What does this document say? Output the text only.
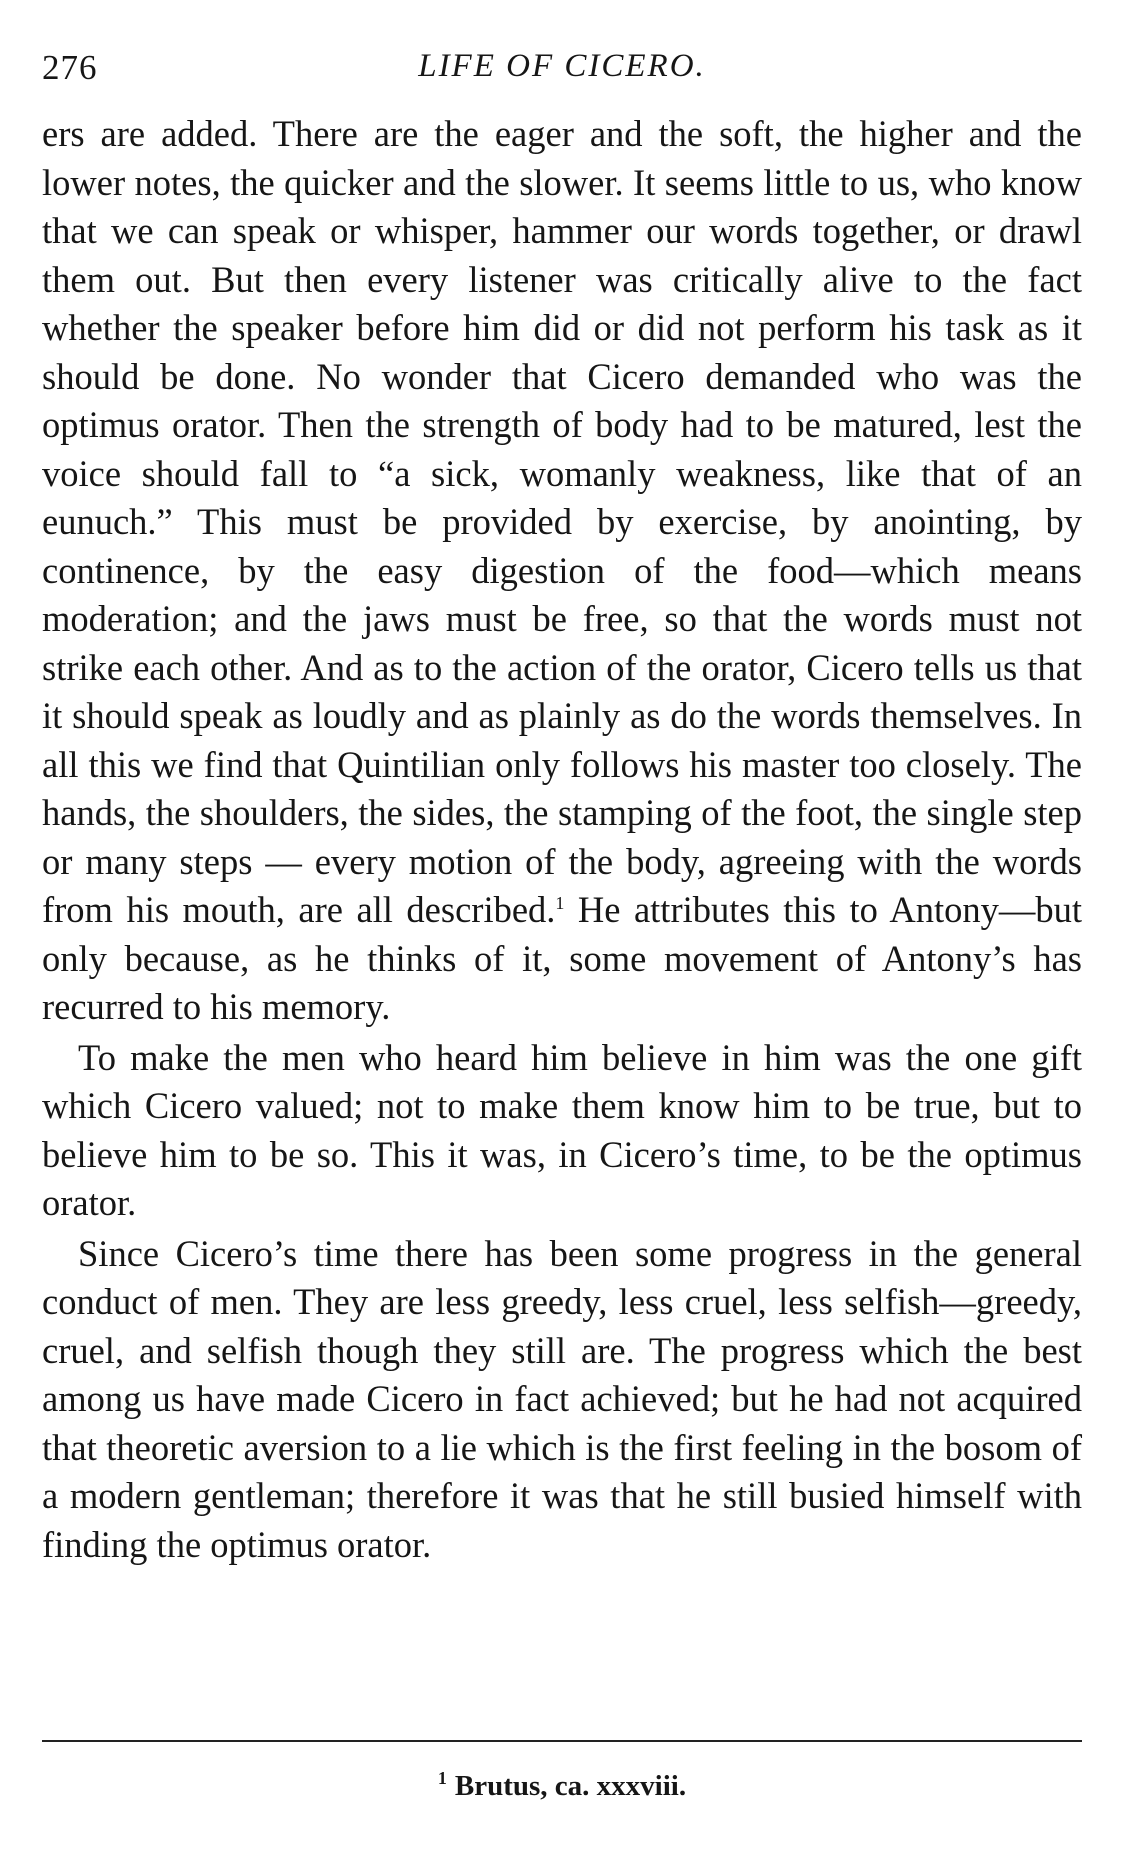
276	LIFE OF CICERO.

ers are added. There are the eager and the soft, the higher and the lower notes, the quicker and the slower. It seems little to us, who know that we can speak or whisper, hammer our words together, or drawl them out. But then every listener was critically alive to the fact whether the speaker before him did or did not perform his task as it should be done. No wonder that Cicero demanded who was the optimus orator. Then the strength of body had to be matured, lest the voice should fall to “a sick, womanly weakness, like that of an eunuch.” This must be provided by exercise, by anointing, by continence, by the easy digestion of the food—which means moderation; and the jaws must be free, so that the words must not strike each other. And as to the action of the orator, Cicero tells us that it should speak as loudly and as plainly as do the words themselves. In all this we find that Quintilian only follows his master too closely. The hands, the shoulders, the sides, the stamping of the foot, the single step or many steps — every motion of the body, agreeing with the words from his mouth, are all described.$^1$ He attributes this to Antony—but only because, as he thinks of it, some movement of Antony’s has recurred to his memory.

To make the men who heard him believe in him was the one gift which Cicero valued; not to make them know him to be true, but to believe him to be so. This it was, in Cicero’s time, to be the optimus orator.

Since Cicero’s time there has been some progress in the general conduct of men. They are less greedy, less cruel, less selfish—greedy, cruel, and selfish though they still are. The progress which the best among us have made Cicero in fact achieved; but he had not acquired that theoretic aversion to a lie which is the first feeling in the bosom of a modern gentleman; therefore it was that he still busied himself with finding the optimus orator.

$^1$ Brutus, ca. xxxviii.
